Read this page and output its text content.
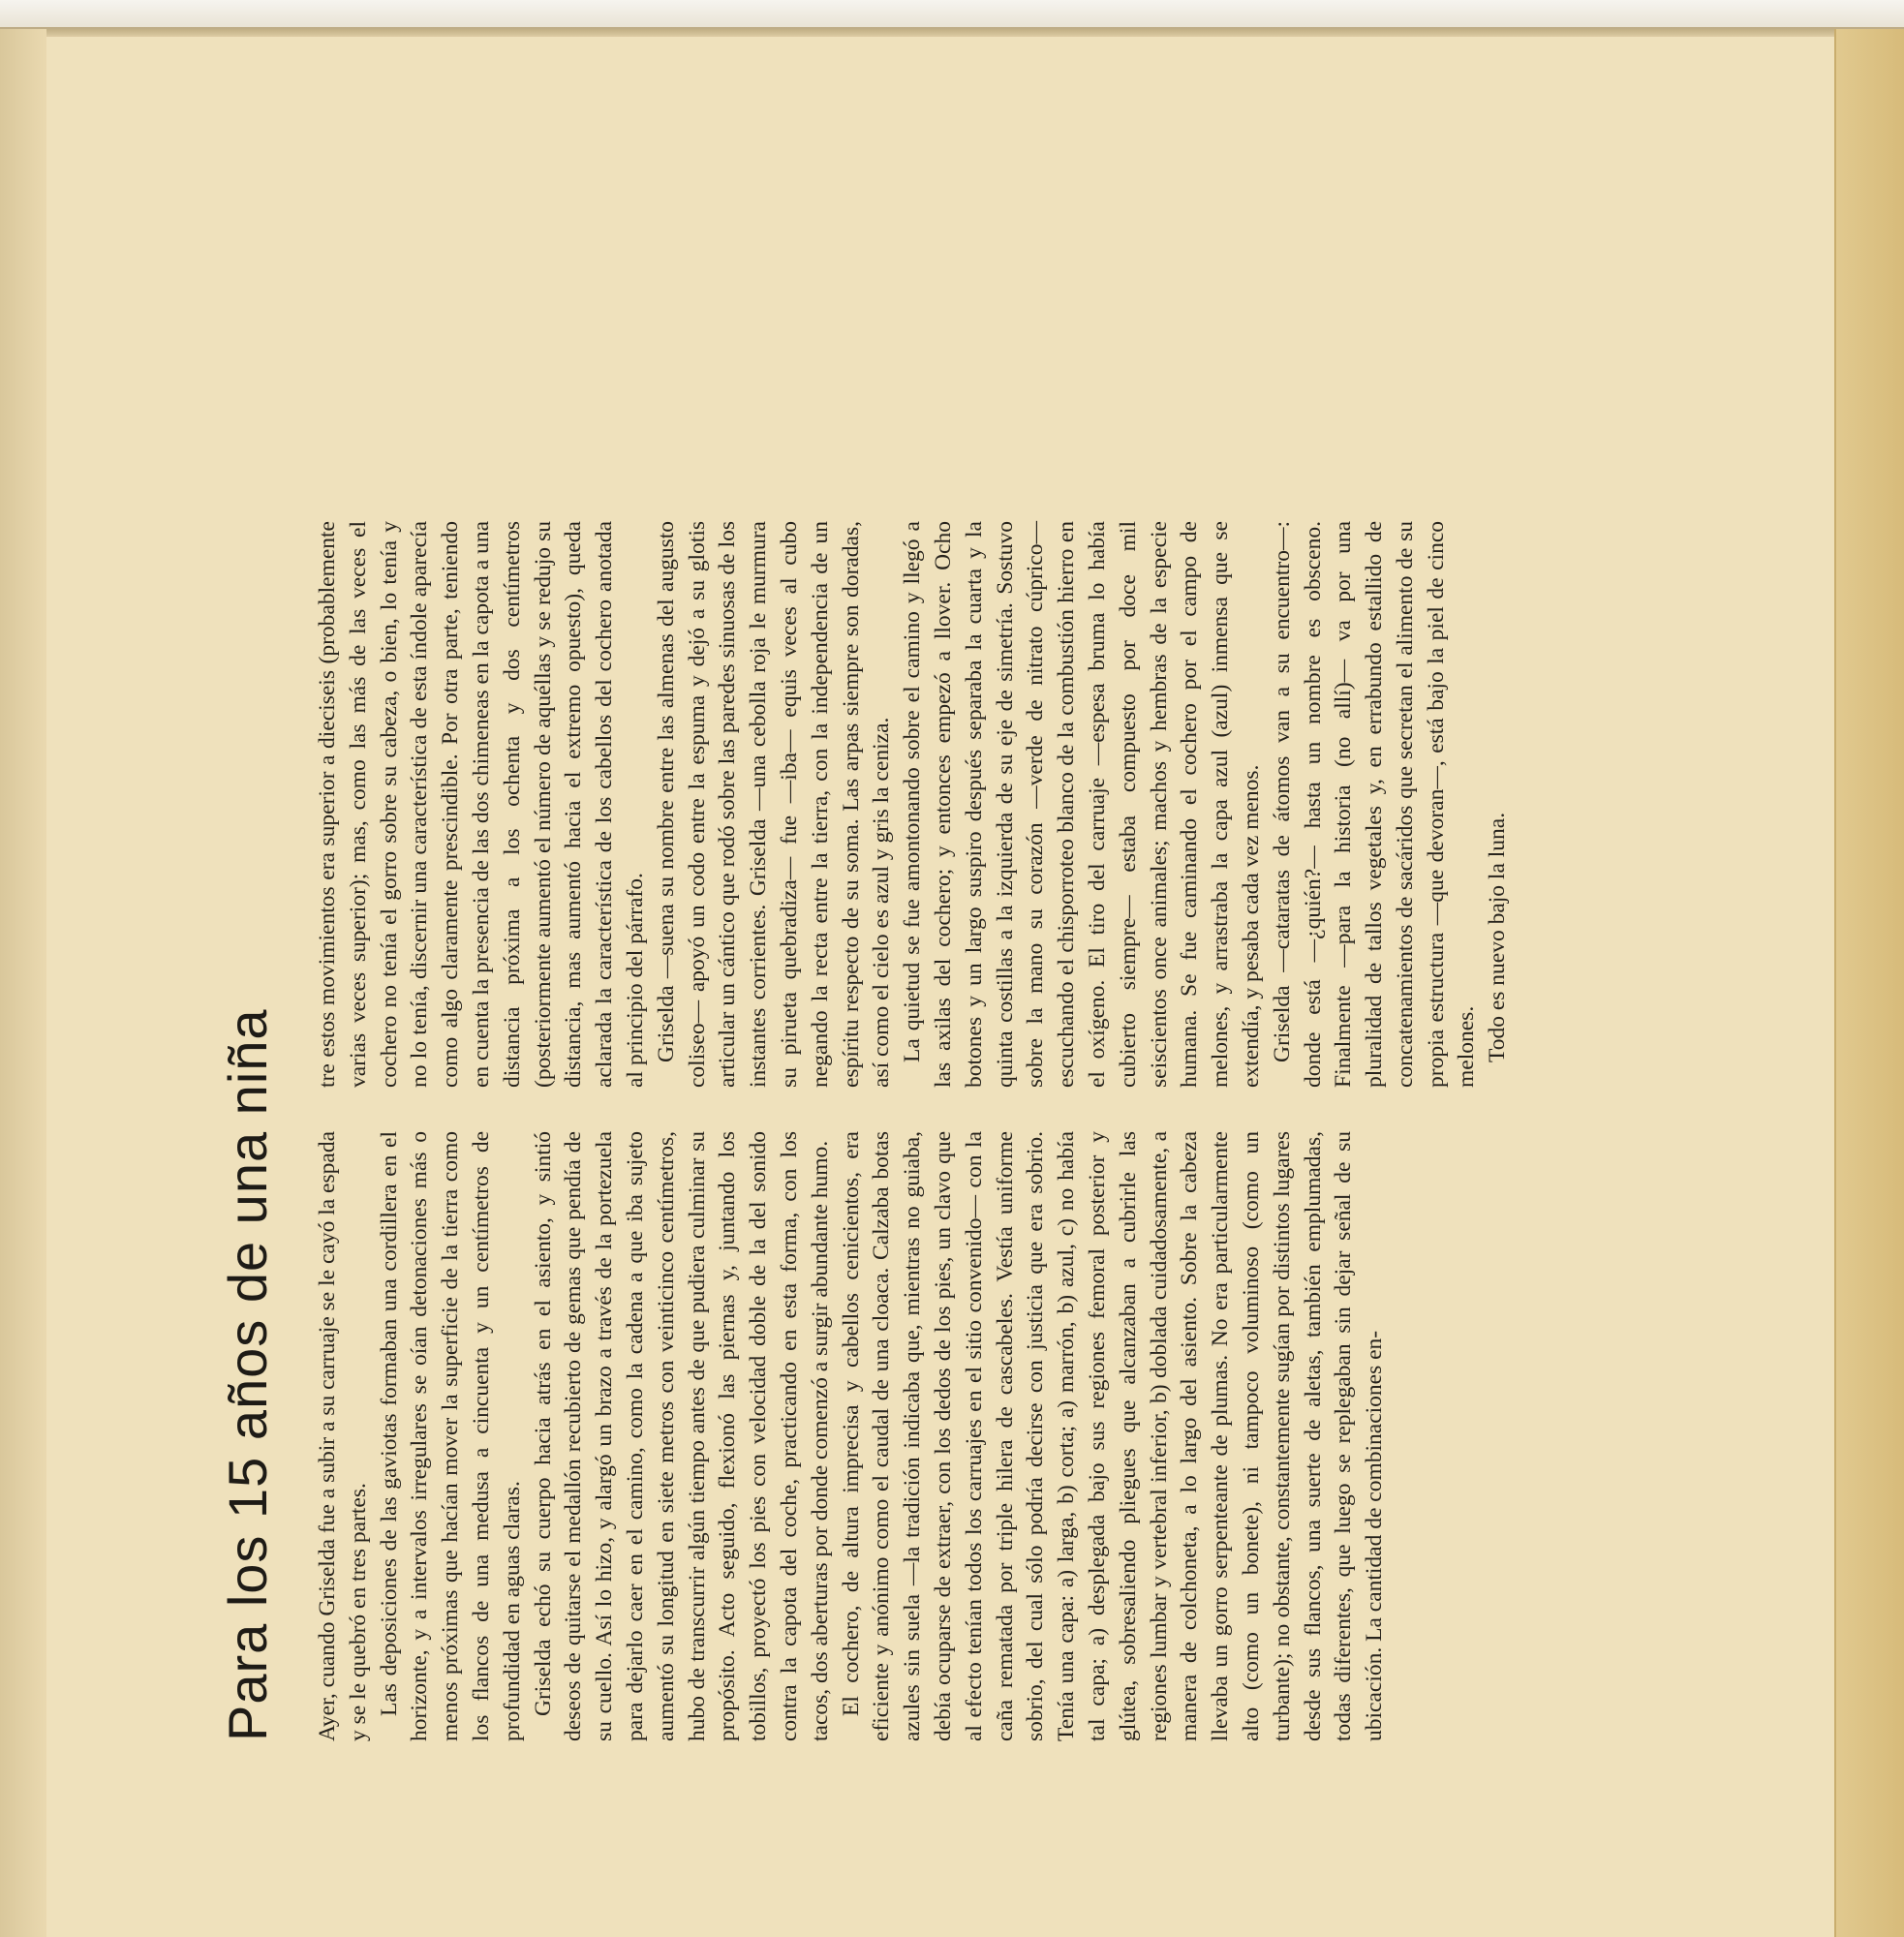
Para los 15 años de una niña	Ayer, cuando Griselda fue a subir a su carruaje se le cayó la espada y se le quebró en tres partes. Las deposiciones de las gaviotas formaban una cordillera en el horizonte, y a intervalos irregulares se oían detonaciones más o menos próximas que hacían mover la superficie de la tierra como los flancos de una medusa a cincuenta y un centímetros de profundidad en aguas claras. Griselda echó su cuerpo hacia atrás en el asiento, y sintió deseos de quitarse el medallón recubierto de gemas que pendía de su cuello. Así lo hizo, y alargó un brazo a través de la portezuela para dejarlo caer en el camino, como la cadena a que iba sujeto aumentó su longitud en siete metros con veinticinco centímetros, hubo de transcurrir algún tiempo antes de que pudiera culminar su propósito. Acto seguido, flexionó las piernas y, juntando los tobillos, proyectó los pies con velocidad doble de la del sonido contra la capota del coche, practicando en esta forma, con los tacos, dos aberturas por donde comenzó a surgir abundante humo. El cochero, de altura imprecisa y cabellos cenicientos, era eficiente y anónimo como el caudal de una cloaca. Calzaba botas azules sin suela —la tradición indicaba que, mientras no guiaba, debía ocuparse de extraer, con los dedos de los pies, un clavo que al efecto tenían todos los carruajes en el sitio convenido— con la caña rematada por triple hilera de cascabeles. Vestía uniforme sobrio, del cual sólo podría decirse con justicia que era sobrio. Tenía una capa: a) larga, b) corta; a) marrón, b) azul, c) no había tal capa; a) desplegada bajo sus regiones femoral posterior y glútea, sobresaliendo pliegues que alcanzaban a cubrirle las regiones lumbar y vertebral inferior, b) doblada cuidadosamente, a manera de colchoneta, a lo largo del asiento. Sobre la cabeza llevaba un gorro serpenteante de plumas. No era particularmente alto (como un bonete), ni tampoco voluminoso (como un turbante); no obstante, constantemente sugían por distintos lugares desde sus flancos, una suerte de aletas, también emplumadas, todas diferentes, que luego se replegaban sin dejar señal de su ubicación. La cantidad de combinaciones en-

tre estos movimientos era superior a dieciseis (probablemente varias veces superior); mas, como las más de las veces el cochero no tenía el gorro sobre su cabeza, o bien, lo tenía y no lo tenía, discernir una característica de esta índole aparecía como algo claramente prescindible. Por otra parte, teniendo en cuenta la presencia de las dos chimeneas en la capota a una distancia próxima a los ochenta y dos centímetros (posteriormente aumentó el número de aquéllas y se redujo su distancia, mas aumentó hacia el extremo opuesto), queda aclarada la característica de los cabellos del cochero anotada al principio del párrafo. Griselda —suena su nombre entre las almenas del augusto coliseo— apoyó un codo entre la espuma y dejó a su glotis articular un cántico que rodó sobre las paredes sinuosas de los instantes corrientes. Griselda —una cebolla roja le murmura su pirueta quebradiza— fue —iba— equis veces al cubo negando la recta entre la tierra, con la independencia de un espíritu respecto de su soma. Las arpas siempre son doradas, así como el cielo es azul y gris la ceniza. La quietud se fue amontonando sobre el camino y llegó a las axilas del cochero; y entonces empezó a llover. Ocho botones y un largo suspiro después separaba la cuarta y la quinta costillas a la izquierda de su eje de simetría. Sostuvo sobre la mano su corazón —verde de nitrato cúprico— escuchando el chisporroteo blanco de la combustión hierro en el oxígeno. El tiro del carruaje —espesa bruma lo había cubierto siempre— estaba compuesto por doce mil seiscientos once animales; machos y hembras de la especie humana. Se fue caminando el cochero por el campo de melones, y arrastraba la capa azul (azul) inmensa que se extendía, y pesaba cada vez menos. Griselda —cataratas de átomos van a su encuentro—: donde está —¿quién?— hasta un nombre es obsceno. Finalmente —para la historia (no allí)— va por una pluralidad de tallos vegetales y, en errabundo estallido de concatenamientos de sacáridos que secretan el alimento de su propia estructura —que devoran—, está bajo la piel de cinco melones. Todo es nuevo bajo la luna.
